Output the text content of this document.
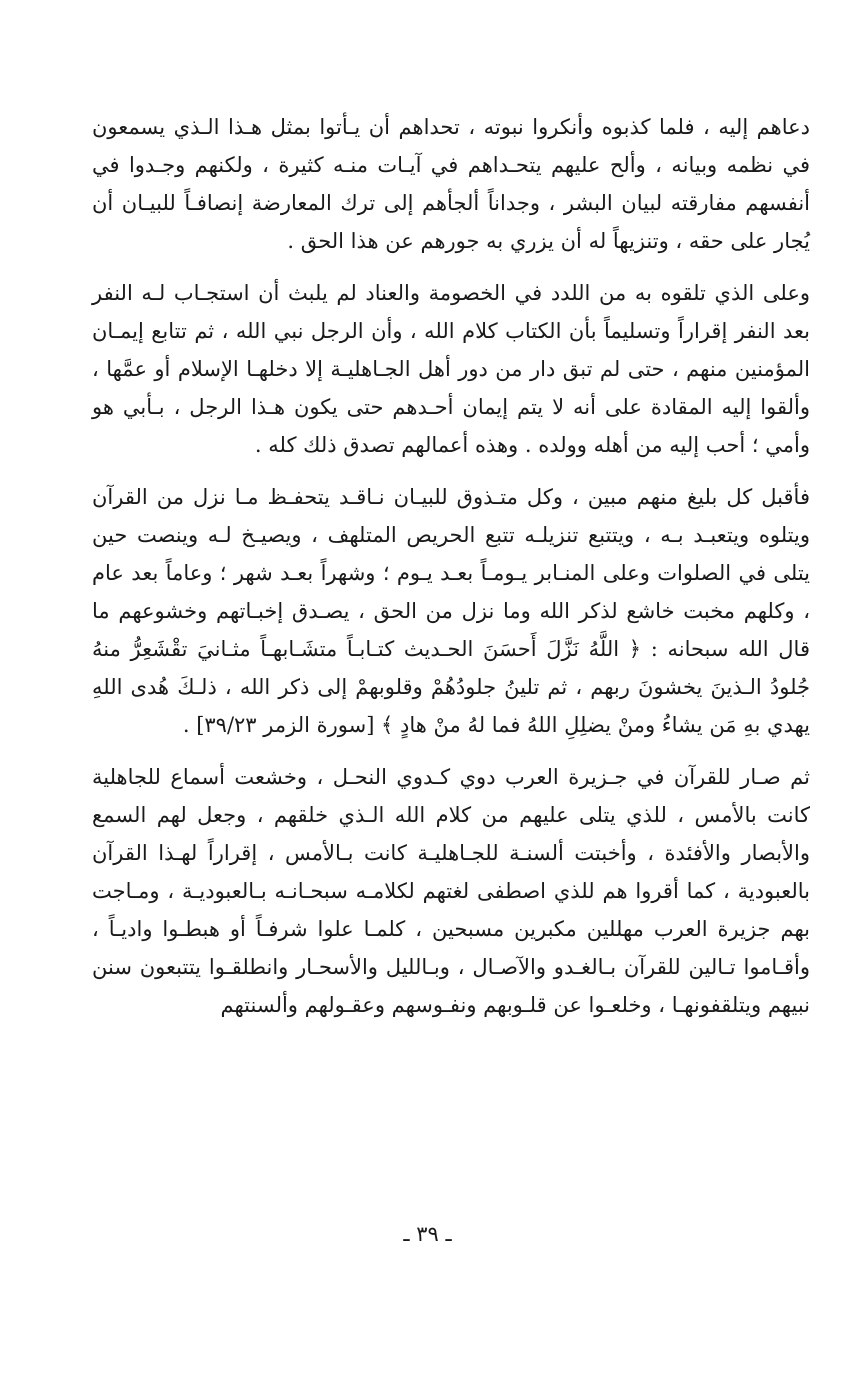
دعاهم إليه ، فلما كذبوه وأنكروا نبوته ، تحداهم أن يـأتوا بمثل هـذا الـذي يسمعون في نظمه وبيانه ، وألح عليهم يتحـداهم في آيـات منـه كثيرة ، ولكنهم وجـدوا في أنفسهم مفارقته لبيان البشر ، وجداناً ألجأهم إلى ترك المعارضة إنصافـاً للبيـان أن يُجار على حقه ، وتنزيهاً له أن يزري به جورهم عن هذا الحق .

وعلى الذي تلقوه به من اللدد في الخصومة والعناد لم يلبث أن استجـاب لـه النفر بعد النفر إقراراً وتسليماً بأن الكتاب كلام الله ، وأن الرجل نبي الله ، ثم تتابع إيمـان المؤمنين منهم ، حتى لم تبق دار من دور أهل الجـاهليـة إلا دخلهـا الإسلام أو عمَّها ، وألقوا إليه المقادة على أنه لا يتم إيمان أحـدهم حتى يكون هـذا الرجل ، بـأبي هو وأمي ؛ أحب إليه من أهله وولده . وهذه أعمالهم تصدق ذلك كله .

فأقبل كل بليغ منهم مبين ، وكل متـذوق للبيـان نـاقـد يتحفـظ مـا نزل من القرآن ويتلوه ويتعبـد بـه ، ويتتبع تنزيلـه تتبع الحريص المتلهف ، ويصيـخ لـه وينصت حين يتلى في الصلوات وعلى المنـابر يـومـاً بعـد يـوم ؛ وشهراً بعـد شهر ؛ وعاماً بعد عام ، وكلهم مخبت خاشع لذكر الله وما نزل من الحق ، يصـدق إخبـاتهم وخشوعهم ما قال الله سبحانه : ﴿ اللَّهُ نَزَّلَ أَحسَنَ الحـديث كتـابـاً متشَـابهـاً مثـانيَ تقْشَعِرُّ منهُ جُلودُ الـذينَ يخشونَ ربهم ، ثم تلينُ جلودُهُمْ وقلوبهمْ إلى ذكر الله ، ذلـكَ هُدى اللهِ يهدي بهِ مَن يشاءُ ومنْ يضلِلِ اللهُ فما لهُ منْ هادٍ ﴾ [سورة الزمر ٣٩/٢٣] .

ثم صـار للقرآن في جـزيرة العرب دوي كـدوي النحـل ، وخشعت أسماع للجاهلية كانت بالأمس ، للذي يتلى عليهم من كلام الله الـذي خلقهم ، وجعل لهم السمع والأبصار والأفئدة ، وأخبتت ألسنـة للجـاهليـة كانت بـالأمس ، إقراراً لهـذا القرآن بالعبودية ، كما أقروا هم للذي اصطفى لغتهم لكلامـه سبحـانـه بـالعبوديـة ، ومـاجت بهم جزيرة العرب مهللين مكبرين مسبحين ، كلمـا علوا شرفـاً أو هبطـوا واديـاً ، وأقـاموا تـالين للقرآن بـالغـدو والآصـال ، وبـالليل والأسحـار وانطلقـوا يتتبعون سنن نبيهم ويتلقفونهـا ، وخلعـوا عن قلـوبهم ونفـوسهم وعقـولهم وألسنتهم

ـ ٣٩ ـ
